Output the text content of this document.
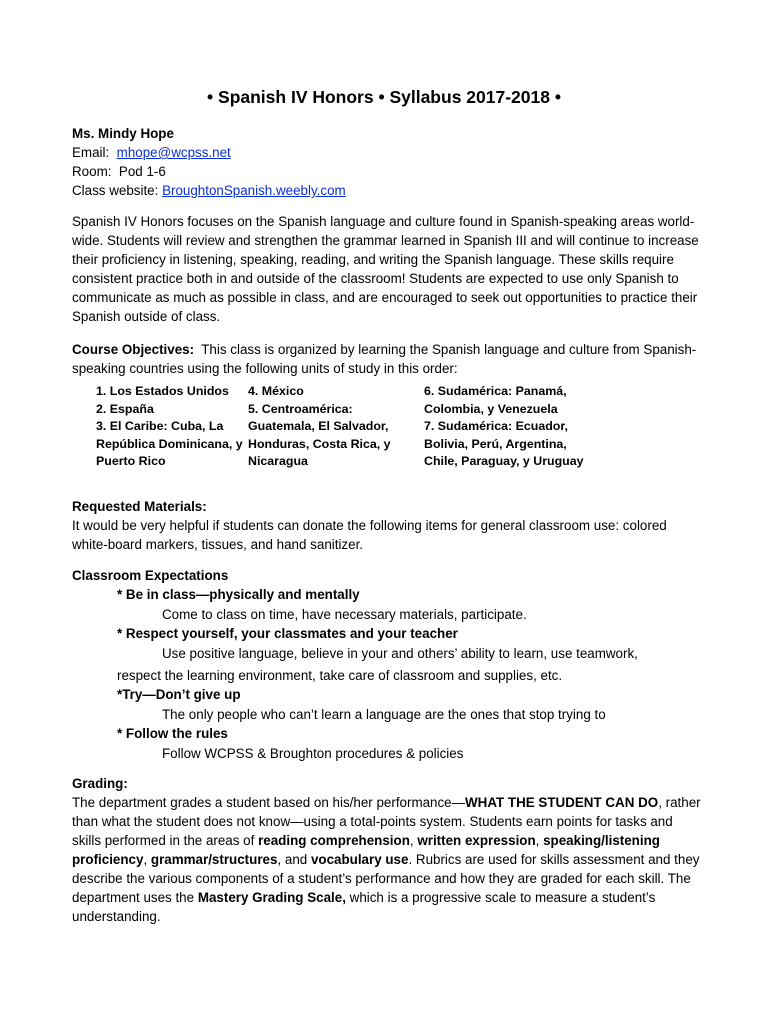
• Spanish IV Honors • Syllabus 2017-2018 •

Ms. Mindy Hope

Email: mhope@wcpss.net

Room: Pod 1-6

Class website: BroughtonSpanish.weebly.com

Spanish IV Honors focuses on the Spanish language and culture found in Spanish-speaking areas world-wide. Students will review and strengthen the grammar learned in Spanish III and will continue to increase their proficiency in listening, speaking, reading, and writing the Spanish language. These skills require consistent practice both in and outside of the classroom! Students are expected to use only Spanish to communicate as much as possible in class, and are encouraged to seek out opportunities to practice their Spanish outside of class.

Course Objectives: This class is organized by learning the Spanish language and culture from Spanish-speaking countries using the following units of study in this order:

1. Los Estados Unidos
2. España
3. El Caribe: Cuba, La República Dominicana, y Puerto Rico
4. México
5. Centroamérica: Guatemala, El Salvador, Honduras, Costa Rica, y Nicaragua
6. Sudamérica: Panamá, Colombia, y Venezuela
7. Sudamérica: Ecuador, Bolivia, Perú, Argentina, Chile, Paraguay, y Uruguay

Requested Materials:

It would be very helpful if students can donate the following items for general classroom use: colored white-board markers, tissues, and hand sanitizer.

Classroom Expectations

* Be in class—physically and mentally

Come to class on time, have necessary materials, participate.

* Respect yourself, your classmates and your teacher

Use positive language, believe in your and others’ ability to learn, use teamwork,

respect the learning environment, take care of classroom and supplies, etc.

*Try—Don’t give up

The only people who can’t learn a language are the ones that stop trying to

* Follow the rules

Follow WCPSS & Broughton procedures & policies

Grading:

The department grades a student based on his/her performance—WHAT THE STUDENT CAN DO, rather than what the student does not know—using a total-points system. Students earn points for tasks and skills performed in the areas of reading comprehension, written expression, speaking/listening proficiency, grammar/structures, and vocabulary use. Rubrics are used for skills assessment and they describe the various components of a student’s performance and how they are graded for each skill. The department uses the Mastery Grading Scale, which is a progressive scale to measure a student’s understanding.
